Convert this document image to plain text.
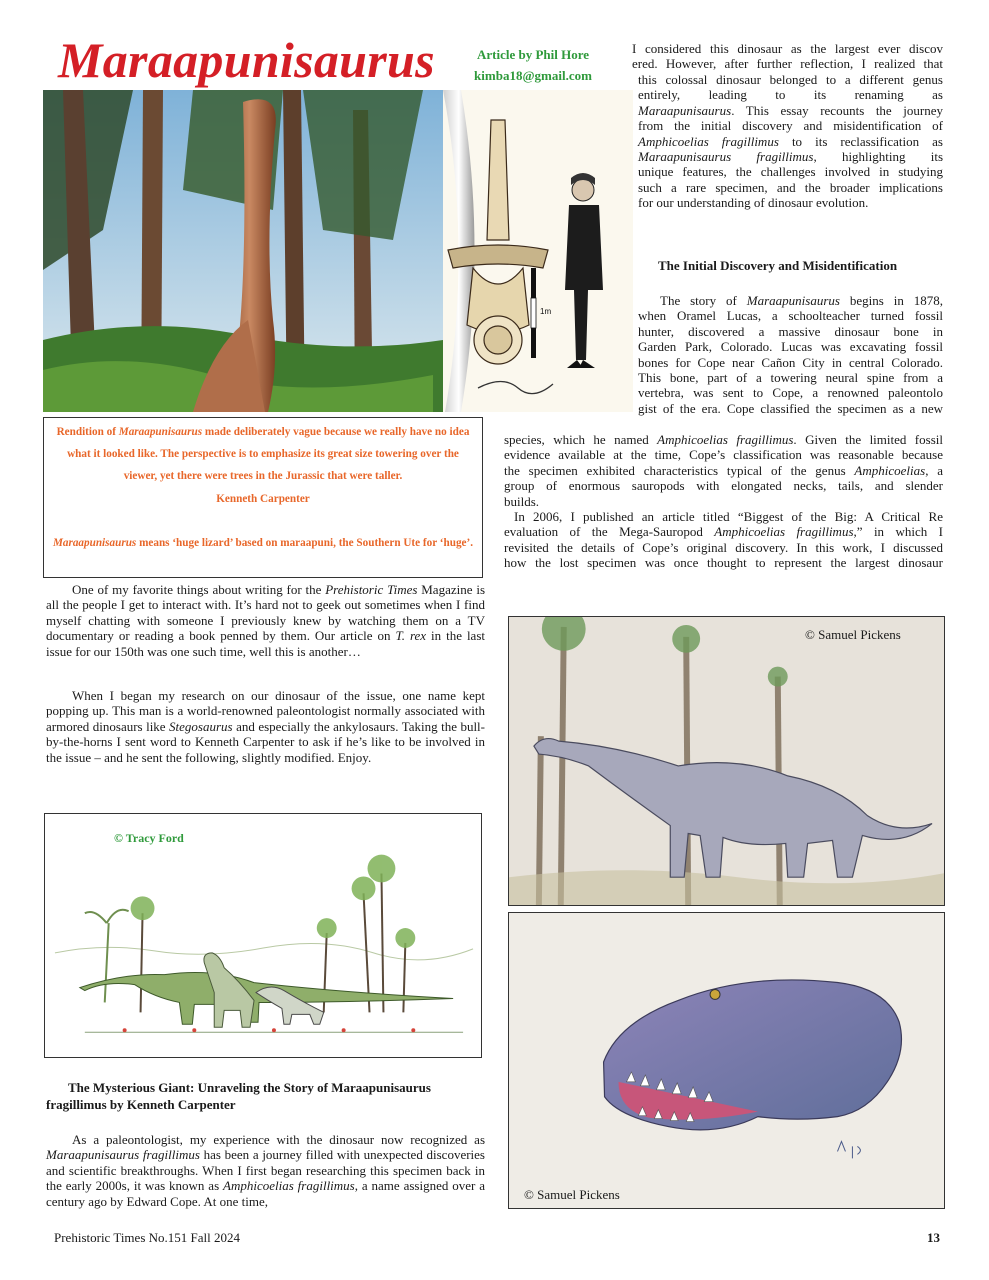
Maraapunisaurus	Article by Phil Hore
kimba18@gmail.com
1m
Rendition of Maraapunisaurus made deliberately vague because we really have no idea what it looked like. The perspective is to emphasize its great size towering over the viewer, yet there were trees in the Jurassic that were taller.
Kenneth Carpenter
Maraapunisaurus means ‘huge lizard’ based on maraapuni, the Southern Ute for ‘huge’.
I considered this dinosaur as the largest ever discov
ered. However, after further reflection, I realized that
this colossal dinosaur belonged to a different genus
entirely, leading to its renaming as
Maraapunisaurus. This essay recounts the journey
from the initial discovery and misidentification of
Amphicoelias fragillimus to its reclassification as
Maraapunisaurus fragillimus, highlighting its
unique features, the challenges involved in studying
such a rare specimen, and the broader implications
for our understanding of dinosaur evolution.
The Initial Discovery and Misidentification
The story of Maraapunisaurus begins in 1878,
when Oramel Lucas, a schoolteacher turned fossil
hunter, discovered a massive dinosaur bone in
Garden Park, Colorado. Lucas was excavating fossil
bones for Cope near Cañon City in central Colorado.
This bone, part of a towering neural spine from a
vertebra, was sent to Cope, a renowned paleontolo
gist of the era. Cope classified the specimen as a new
species, which he named Amphicoelias fragillimus. Given the limited fossil
evidence available at the time, Cope’s classification was reasonable because
the specimen exhibited characteristics typical of the genus Amphicoelias, a
group of enormous sauropods with elongated necks, tails, and slender
builds.
In 2006, I published an article titled “Biggest of the Big: A Critical Re
evaluation of the Mega-Sauropod Amphicoelias fragillimus,” in which I
revisited the details of Cope’s original discovery. In this work, I discussed
how the lost specimen was once thought to represent the largest dinosaur
One of my favorite things about writing for the Prehistoric Times Magazine is all the people I get to interact with. It’s hard not to geek out sometimes when I find myself chatting with someone I previously knew by watching them on a TV documentary or reading a book penned by them. Our article on T. rex in the last issue for our 150th was one such time, well this is another…
When I began my research on our dinosaur of the issue, one name kept popping up. This man is a world-renowned paleontologist normally associated with armored dinosaurs like Stegosaurus and especially the ankylosaurs. Taking the bull-by-the-horns I sent word to Kenneth Carpenter to ask if he’s like to be involved in the issue – and he sent the following, slightly modified. Enjoy.
© Tracy Ford
The Mysterious Giant: Unraveling the Story of Maraapunisaurus fragillimus by Kenneth Carpenter
As a paleontologist, my experience with the dinosaur now recognized as Maraapunisaurus fragillimus has been a journey filled with unexpected discoveries and scientific breakthroughs. When I first began researching this specimen back in the early 2000s, it was known as Amphicoelias fragillimus, a name assigned over a century ago by Edward Cope. At one time,
© Samuel Pickens
© Samuel Pickens
Prehistoric Times No.151 Fall 2024	13
